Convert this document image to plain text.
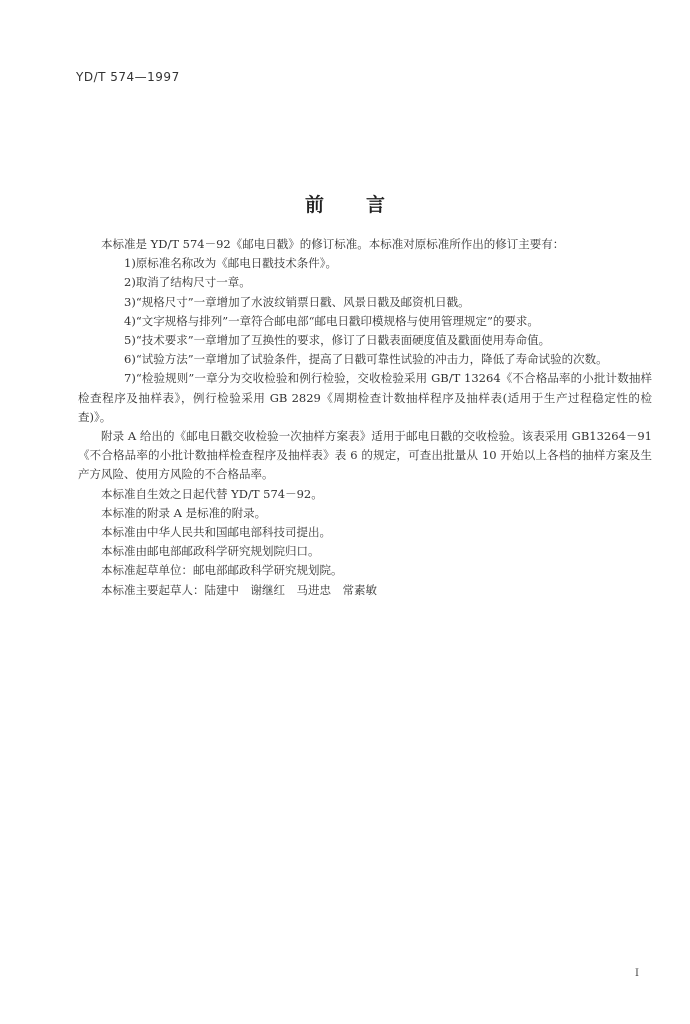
YD/T 574—1997
前言

本标准是 YD/T 574－92《邮电日戳》的修订标准。本标准对原标准所作出的修订主要有：

1)原标准名称改为《邮电日戳技术条件》。

2)取消了结构尺寸一章。

3)“规格尺寸”一章增加了水波纹销票日戳、风景日戳及邮资机日戳。

4)“文字规格与排列”一章符合邮电部“邮电日戳印模规格与使用管理规定”的要求。

5)“技术要求”一章增加了互换性的要求，修订了日戳表面硬度值及戳面使用寿命值。

6)“试验方法”一章增加了试验条件，提高了日戳可靠性试验的冲击力，降低了寿命试验的次数。

7)“检验规则”一章分为交收检验和例行检验，交收检验采用 GB/T 13264《不合格品率的小批计数抽样检查程序及抽样表》，例行检验采用 GB 2829《周期检查计数抽样程序及抽样表(适用于生产过程稳定性的检查)》。

附录 A 给出的《邮电日戳交收检验一次抽样方案表》适用于邮电日戳的交收检验。该表采用 GB13264－91《不合格品率的小批计数抽样检查程序及抽样表》表 6 的规定，可查出批量从 10 开始以上各档的抽样方案及生产方风险、使用方风险的不合格品率。

本标准自生效之日起代替 YD/T 574－92。

本标准的附录 A 是标准的附录。

本标准由中华人民共和国邮电部科技司提出。

本标准由邮电部邮政科学研究规划院归口。

本标准起草单位：邮电部邮政科学研究规划院。

本标准主要起草人：陆建中　谢继红　马进忠　常素敏

I
